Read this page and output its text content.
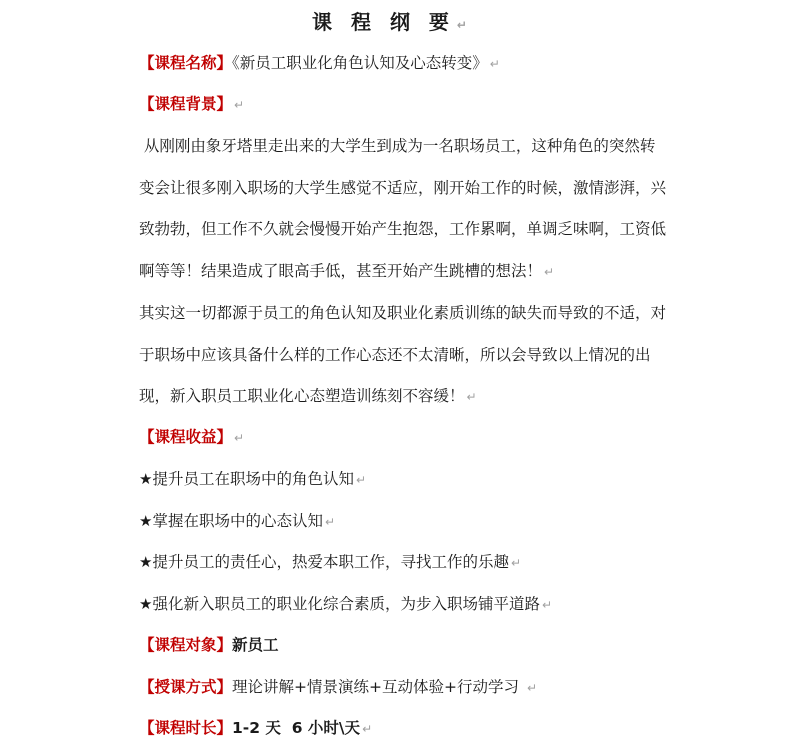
课 程 纲 要 ↵
【课程名称】《新员工职业化角色认知及心态转变》 ↵
【课程背景】 ↵
从刚刚由象牙塔里走出来的大学生到成为一名职场员工，这种角色的突然转
变会让很多刚入职场的大学生感觉不适应，刚开始工作的时候，激情澎湃，兴
致勃勃，但工作不久就会慢慢开始产生抱怨，工作累啊，单调乏味啊，工资低
啊等等！结果造成了眼高手低，甚至开始产生跳槽的想法！ ↵
其实这一切都源于员工的角色认知及职业化素质训练的缺失而导致的不适，对
于职场中应该具备什么样的工作心态还不太清晰，所以会导致以上情况的出
现，新入职员工职业化心态塑造训练刻不容缓！ ↵
【课程收益】 ↵
★提升员工在职场中的角色认知 ↵
★掌握在职场中的心态认知 ↵
★提升员工的责任心，热爱本职工作，寻找工作的乐趣 ↵
★强化新入职员工的职业化综合素质，为步入职场铺平道路 ↵
【课程对象】新员工
【授课方式】理论讲解+情景演练+互动体验+行动学习 ↵
【课程时长】1-2 天  6 小时\天 ↵
